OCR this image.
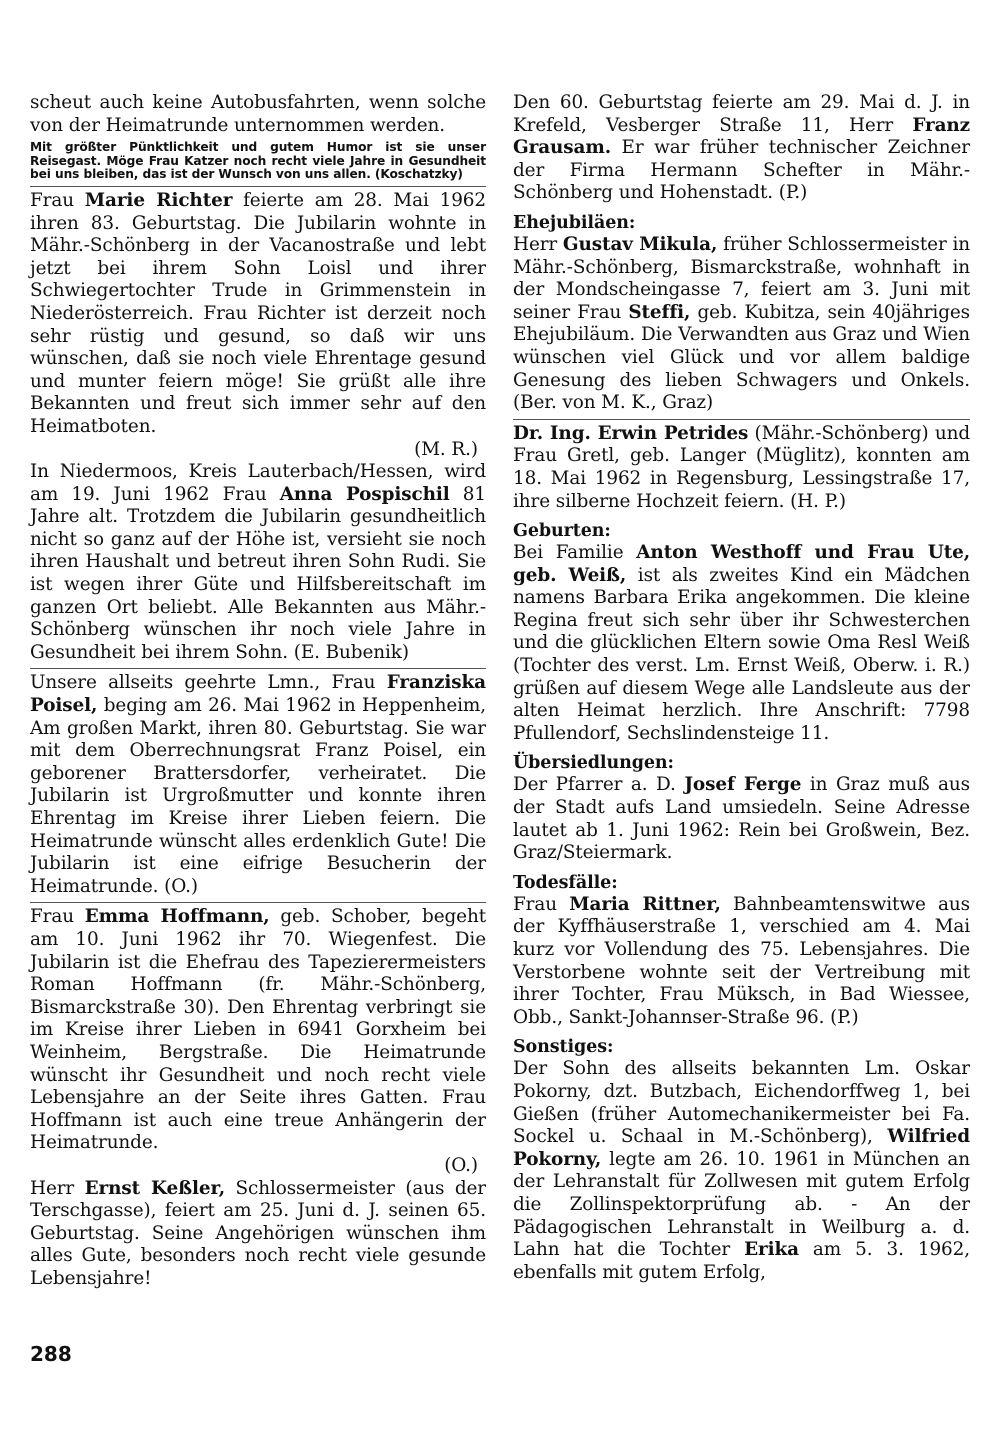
scheut auch keine Autobusfahrten, wenn solche von der Heimatrunde unternommen werden.

Mit größter Pünktlichkeit und gutem Humor ist sie unser Reisegast. Möge Frau Katzer noch recht viele Jahre in Gesundheit bei uns bleiben, das ist der Wunsch von uns allen. (Koschatzky)

Frau Marie Richter feierte am 28. Mai 1962 ihren 83. Geburtstag. Die Jubilarin wohnte in Mähr.-Schönberg in der Vacanostraße und lebt jetzt bei ihrem Sohn Loisl und ihrer Schwiegertochter Trude in Grimmenstein in Niederösterreich. Frau Richter ist derzeit noch sehr rüstig und gesund, so daß wir uns wünschen, daß sie noch viele Ehrentage gesund und munter feiern möge! Sie grüßt alle ihre Bekannten und freut sich immer sehr auf den Heimatboten.

(M. R.)

In Niedermoos, Kreis Lauterbach/Hessen, wird am 19. Juni 1962 Frau Anna Pospischil 81 Jahre alt. Trotzdem die Jubilarin gesundheitlich nicht so ganz auf der Höhe ist, versieht sie noch ihren Haushalt und betreut ihren Sohn Rudi. Sie ist wegen ihrer Güte und Hilfsbereitschaft im ganzen Ort beliebt. Alle Bekannten aus Mähr.-Schönberg wünschen ihr noch viele Jahre in Gesundheit bei ihrem Sohn. (E. Bubenik)

Unsere allseits geehrte Lmn., Frau Franziska Poisel, beging am 26. Mai 1962 in Heppenheim, Am großen Markt, ihren 80. Geburtstag. Sie war mit dem Oberrechnungsrat Franz Poisel, ein geborener Brattersdorfer, verheiratet. Die Jubilarin ist Urgroßmutter und konnte ihren Ehrentag im Kreise ihrer Lieben feiern. Die Heimatrunde wünscht alles erdenklich Gute! Die Jubilarin ist eine eifrige Besucherin der Heimatrunde. (O.)

Frau Emma Hoffmann, geb. Schober, begeht am 10. Juni 1962 ihr 70. Wiegenfest. Die Jubilarin ist die Ehefrau des Tapezierermeisters Roman Hoffmann (fr. Mähr.-Schönberg, Bismarckstraße 30). Den Ehrentag verbringt sie im Kreise ihrer Lieben in 6941 Gorxheim bei Weinheim, Bergstraße. Die Heimatrunde wünscht ihr Gesundheit und noch recht viele Lebensjahre an der Seite ihres Gatten. Frau Hoffmann ist auch eine treue Anhängerin der Heimatrunde.

(O.)

Herr Ernst Keßler, Schlossermeister (aus der Terschgasse), feiert am 25. Juni d. J. seinen 65. Geburtstag. Seine Angehörigen wünschen ihm alles Gute, besonders noch recht viele gesunde Lebensjahre!

Den 60. Geburtstag feierte am 29. Mai d. J. in Krefeld, Vesberger Straße 11, Herr Franz Grausam. Er war früher technischer Zeichner der Firma Hermann Schefter in Mähr.-Schönberg und Hohenstadt. (P.)

Ehejubiläen:

Herr Gustav Mikula, früher Schlossermeister in Mähr.-Schönberg, Bismarckstraße, wohnhaft in der Mondscheingasse 7, feiert am 3. Juni mit seiner Frau Steffi, geb. Kubitza, sein 40jähriges Ehejubiläum. Die Verwandten aus Graz und Wien wünschen viel Glück und vor allem baldige Genesung des lieben Schwagers und Onkels. (Ber. von M. K., Graz)

Dr. Ing. Erwin Petrides (Mähr.-Schönberg) und Frau Gretl, geb. Langer (Müglitz), konnten am 18. Mai 1962 in Regensburg, Lessingstraße 17, ihre silberne Hochzeit feiern. (H. P.)

Geburten:

Bei Familie Anton Westhoff und Frau Ute, geb. Weiß, ist als zweites Kind ein Mädchen namens Barbara Erika angekommen. Die kleine Regina freut sich sehr über ihr Schwesterchen und die glücklichen Eltern sowie Oma Resl Weiß (Tochter des verst. Lm. Ernst Weiß, Oberw. i. R.) grüßen auf diesem Wege alle Landsleute aus der alten Heimat herzlich. Ihre Anschrift: 7798 Pfullendorf, Sechslindensteige 11.

Übersiedlungen:

Der Pfarrer a. D. Josef Ferge in Graz muß aus der Stadt aufs Land umsiedeln. Seine Adresse lautet ab 1. Juni 1962: Rein bei Großwein, Bez. Graz/Steiermark.

Todesfälle:

Frau Maria Rittner, Bahnbeamtenswitwe aus der Kyffhäuserstraße 1, verschied am 4. Mai kurz vor Vollendung des 75. Lebensjahres. Die Verstorbene wohnte seit der Vertreibung mit ihrer Tochter, Frau Müksch, in Bad Wiessee, Obb., Sankt-Johannser-Straße 96. (P.)

Sonstiges:

Der Sohn des allseits bekannten Lm. Oskar Pokorny, dzt. Butzbach, Eichendorffweg 1, bei Gießen (früher Automechanikermeister bei Fa. Sockel u. Schaal in M.-Schönberg), Wilfried Pokorny, legte am 26. 10. 1961 in München an der Lehranstalt für Zollwesen mit gutem Erfolg die Zollinspektorprüfung ab. - An der Pädagogischen Lehranstalt in Weilburg a. d. Lahn hat die Tochter Erika am 5. 3. 1962, ebenfalls mit gutem Erfolg,

288
